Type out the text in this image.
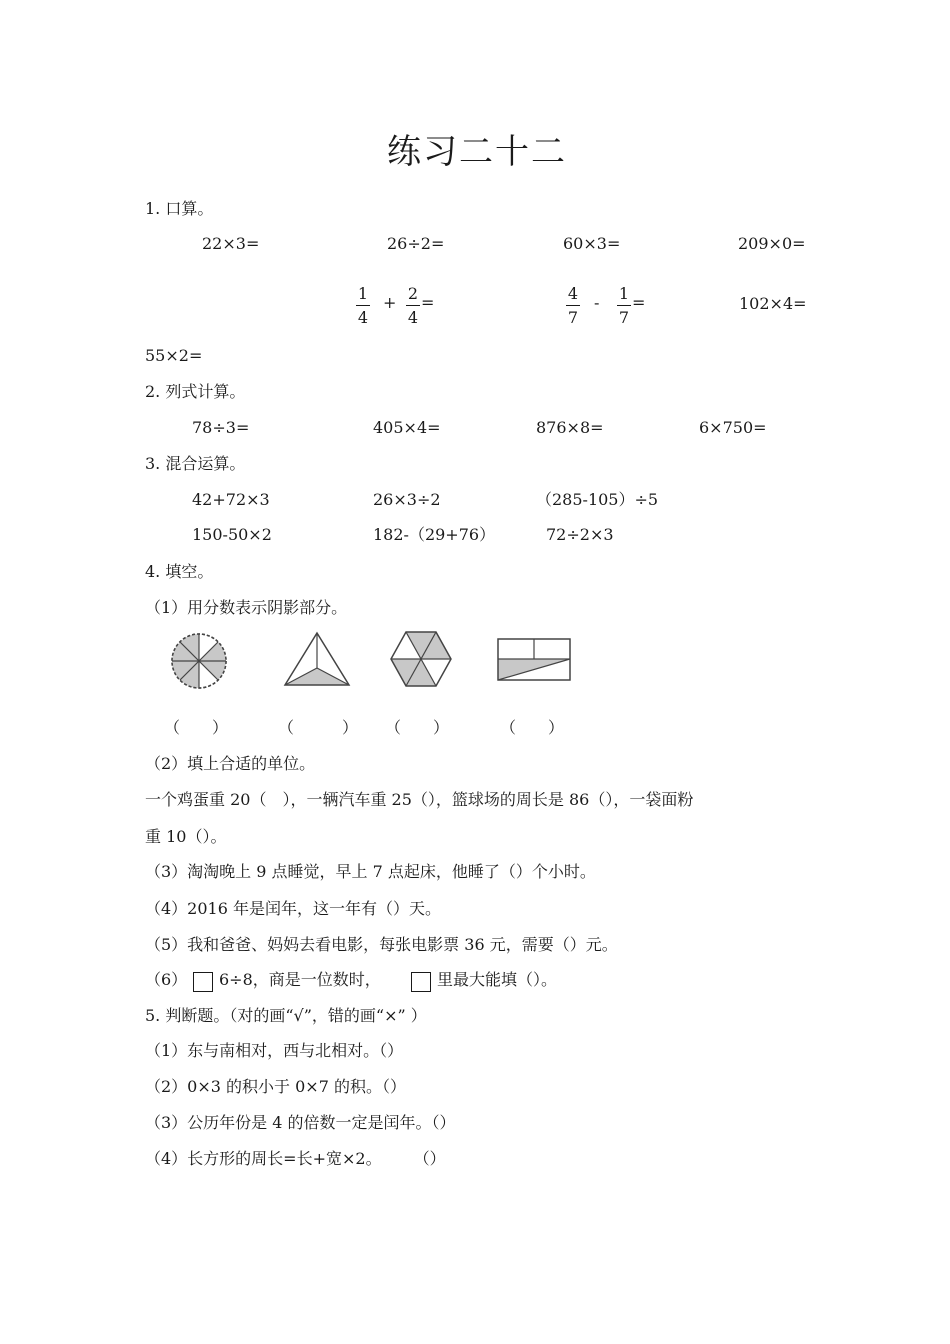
练习二十二
1. 口算。
22×3=	26÷2=	60×3=	209×0=
$\frac{1}{4} + \frac{2}{4}$ =	$\frac{4}{7} - \frac{1}{7}$ =	102×4=
55×2=
2. 列式计算。
78÷3=	405×4=	876×8=	6×750=
3. 混合运算。
42+72×3	26×3÷2	（285-105）÷5
150-50×2	182-（29+76）	72÷2×3
4. 填空。
（1）用分数表示阴影部分。
（　　）	（　　　） （　　）	（　　）
（2）填上合适的单位。
一个鸡蛋重 20（　），一辆汽车重 25（），篮球场的周长是 86（），一袋面粉
重 10（）。
（3）淘淘晚上 9 点睡觉，早上 7 点起床，他睡了（）个小时。
（4）2016 年是闰年，这一年有（）天。
（5）我和爸爸、妈妈去看电影，每张电影票 36 元，需要（）元。
（6） 6÷8，商是一位数时，	里最大能填（）。
5. 判断题。（对的画“√”，错的画“×” ）
（1）东与南相对，西与北相对。（）
（2）0×3 的积小于 0×7 的积。（）
（3）公历年份是 4 的倍数一定是闰年。（）
（4）长方形的周长=长+宽×2。　　　（）
